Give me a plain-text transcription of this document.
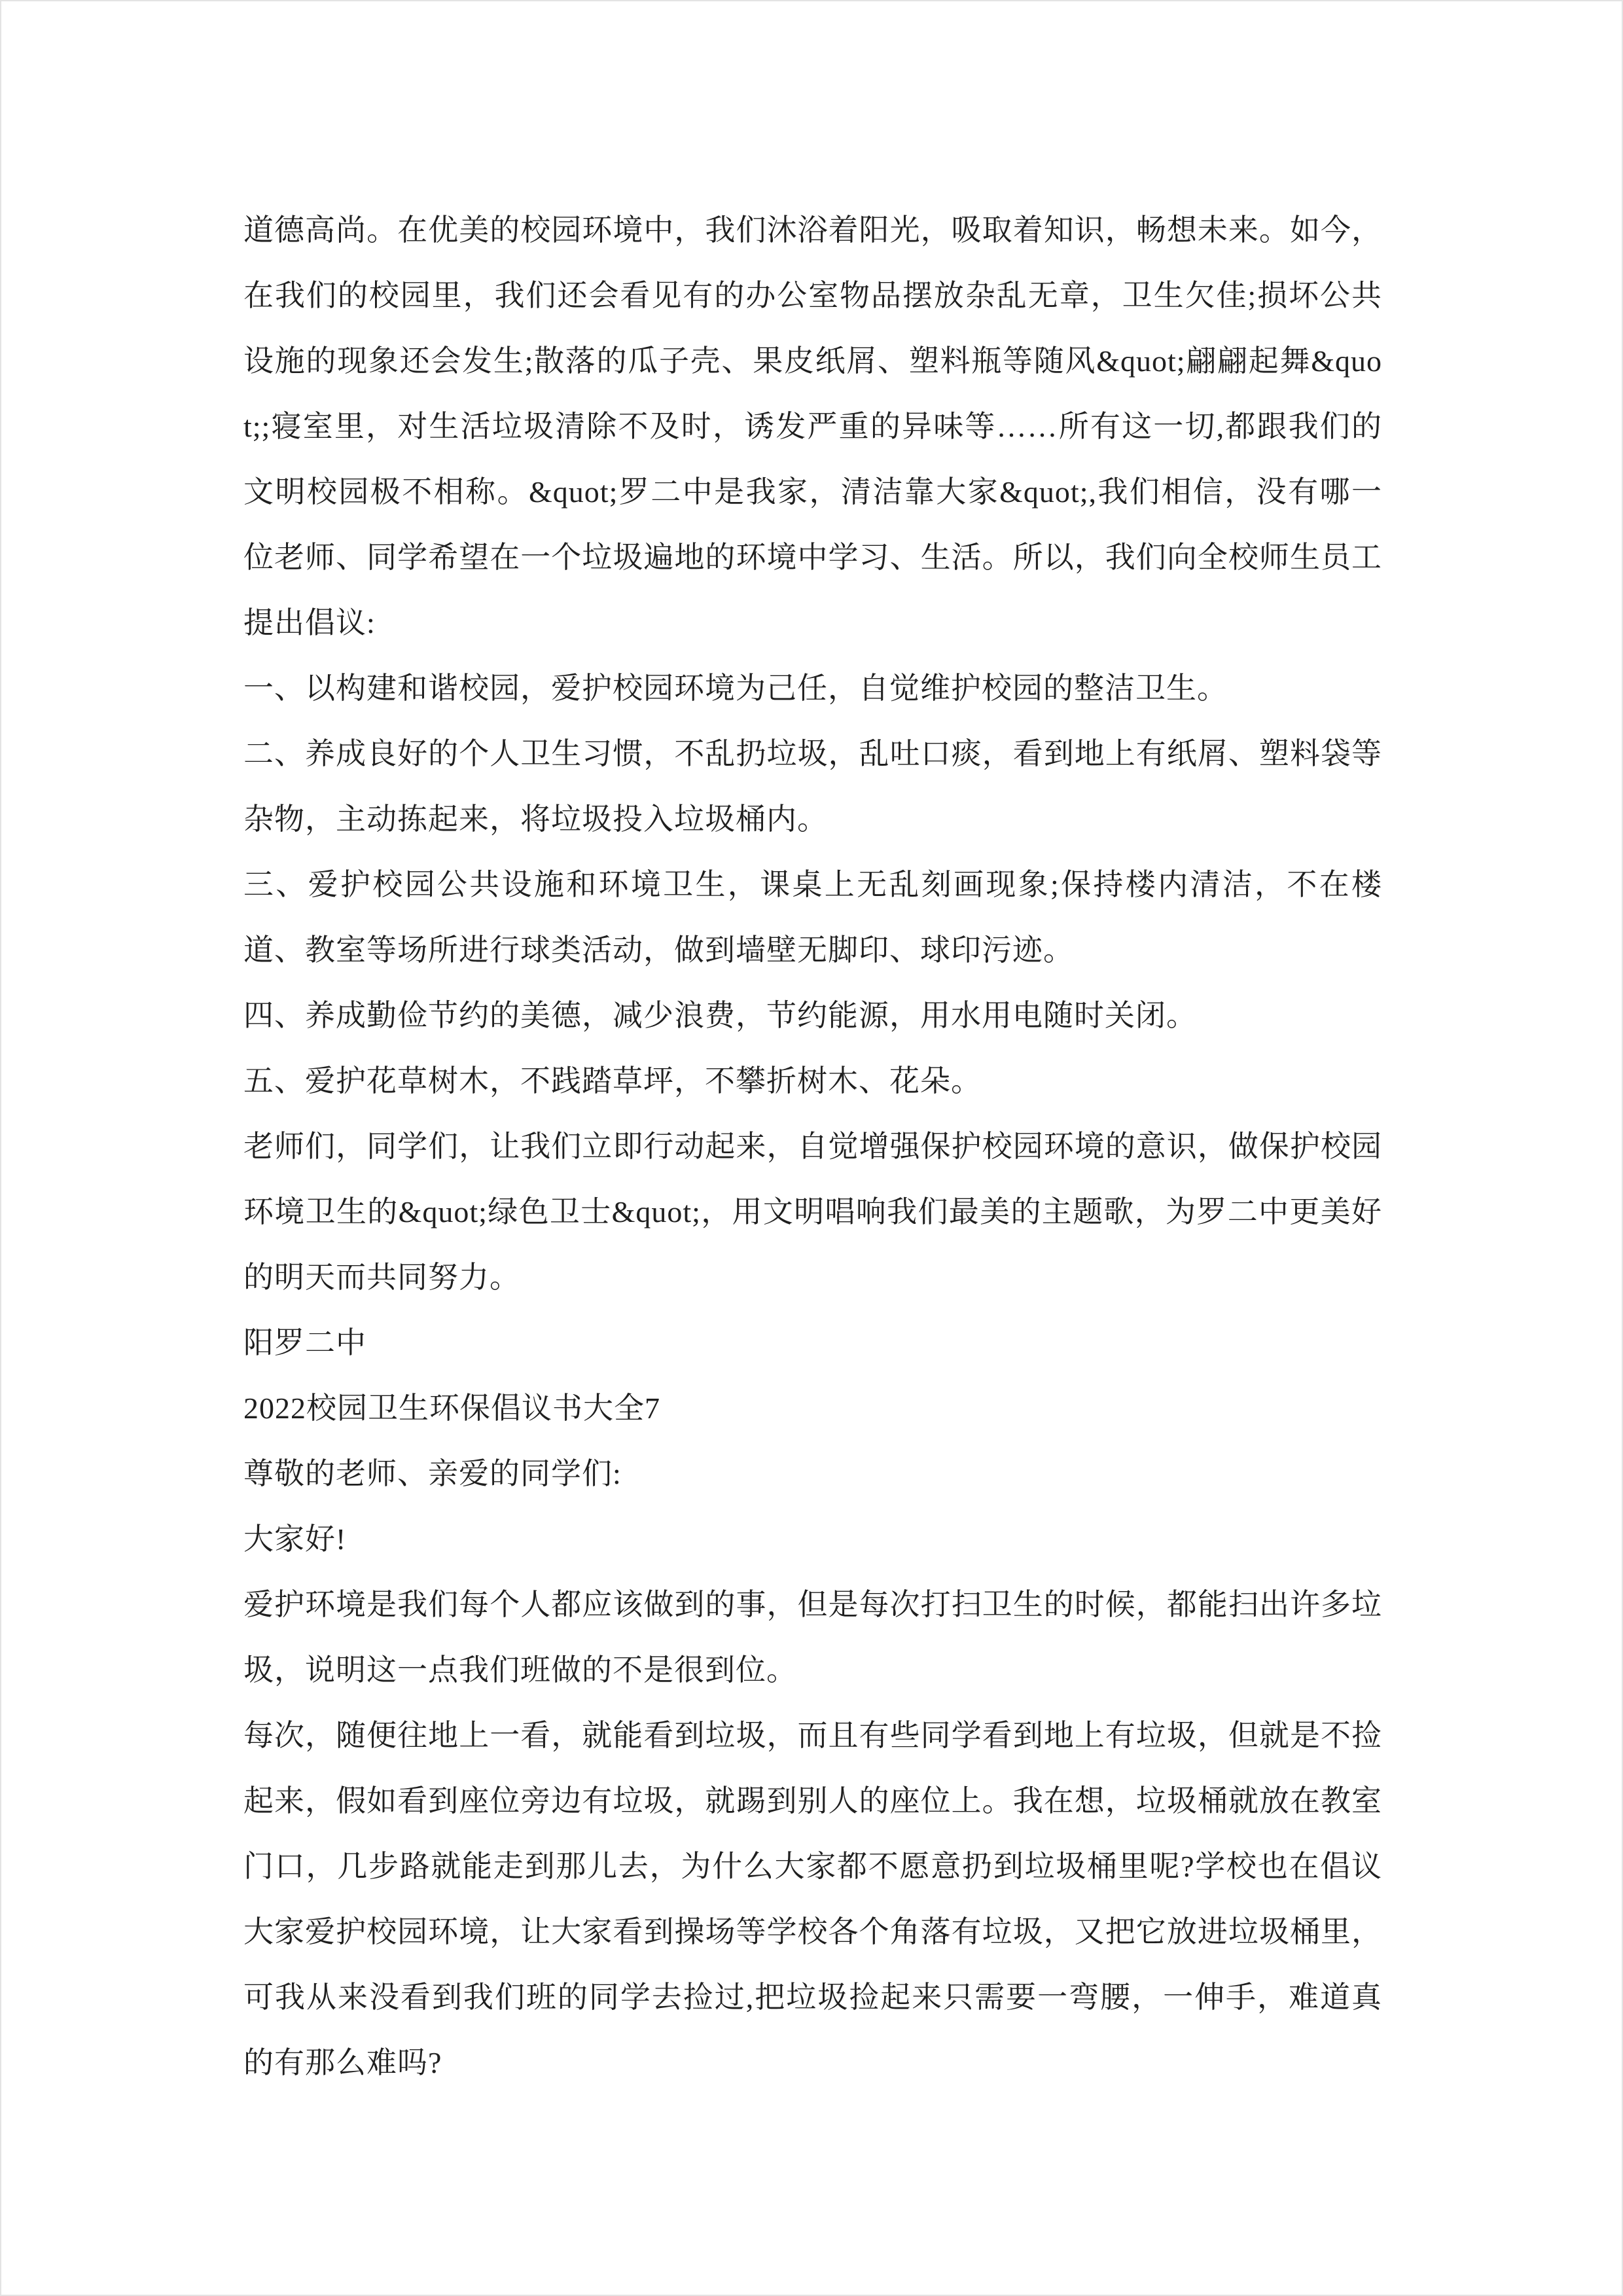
道德高尚。在优美的校园环境中，我们沐浴着阳光，吸取着知识，畅想未来。如今，在我们的校园里，我们还会看见有的办公室物品摆放杂乱无章，卫生欠佳;损坏公共设施的现象还会发生;散落的瓜子壳、果皮纸屑、塑料瓶等随风&quot;翩翩起舞&quot;;寝室里，对生活垃圾清除不及时，诱发严重的异味等……所有这一切,都跟我们的文明校园极不相称。&quot;罗二中是我家，清洁靠大家&quot;,我们相信，没有哪一位老师、同学希望在一个垃圾遍地的环境中学习、生活。所以，我们向全校师生员工提出倡议:

一、以构建和谐校园，爱护校园环境为己任，自觉维护校园的整洁卫生。

二、养成良好的个人卫生习惯，不乱扔垃圾，乱吐口痰，看到地上有纸屑、塑料袋等杂物，主动拣起来，将垃圾投入垃圾桶内。

三、爱护校园公共设施和环境卫生，课桌上无乱刻画现象;保持楼内清洁，不在楼道、教室等场所进行球类活动，做到墙壁无脚印、球印污迹。

四、养成勤俭节约的美德，减少浪费，节约能源，用水用电随时关闭。

五、爱护花草树木，不践踏草坪，不攀折树木、花朵。

老师们，同学们，让我们立即行动起来，自觉增强保护校园环境的意识，做保护校园环境卫生的&quot;绿色卫士&quot;，用文明唱响我们最美的主题歌，为罗二中更美好的明天而共同努力。

阳罗二中

2022校园卫生环保倡议书大全7

尊敬的老师、亲爱的同学们:

大家好!

爱护环境是我们每个人都应该做到的事，但是每次打扫卫生的时候，都能扫出许多垃圾，说明这一点我们班做的不是很到位。

每次，随便往地上一看，就能看到垃圾，而且有些同学看到地上有垃圾，但就是不捡起来，假如看到座位旁边有垃圾，就踢到别人的座位上。我在想，垃圾桶就放在教室门口，几步路就能走到那儿去，为什么大家都不愿意扔到垃圾桶里呢?学校也在倡议大家爱护校园环境，让大家看到操场等学校各个角落有垃圾，又把它放进垃圾桶里，可我从来没看到我们班的同学去捡过,把垃圾捡起来只需要一弯腰，一伸手，难道真的有那么难吗?
